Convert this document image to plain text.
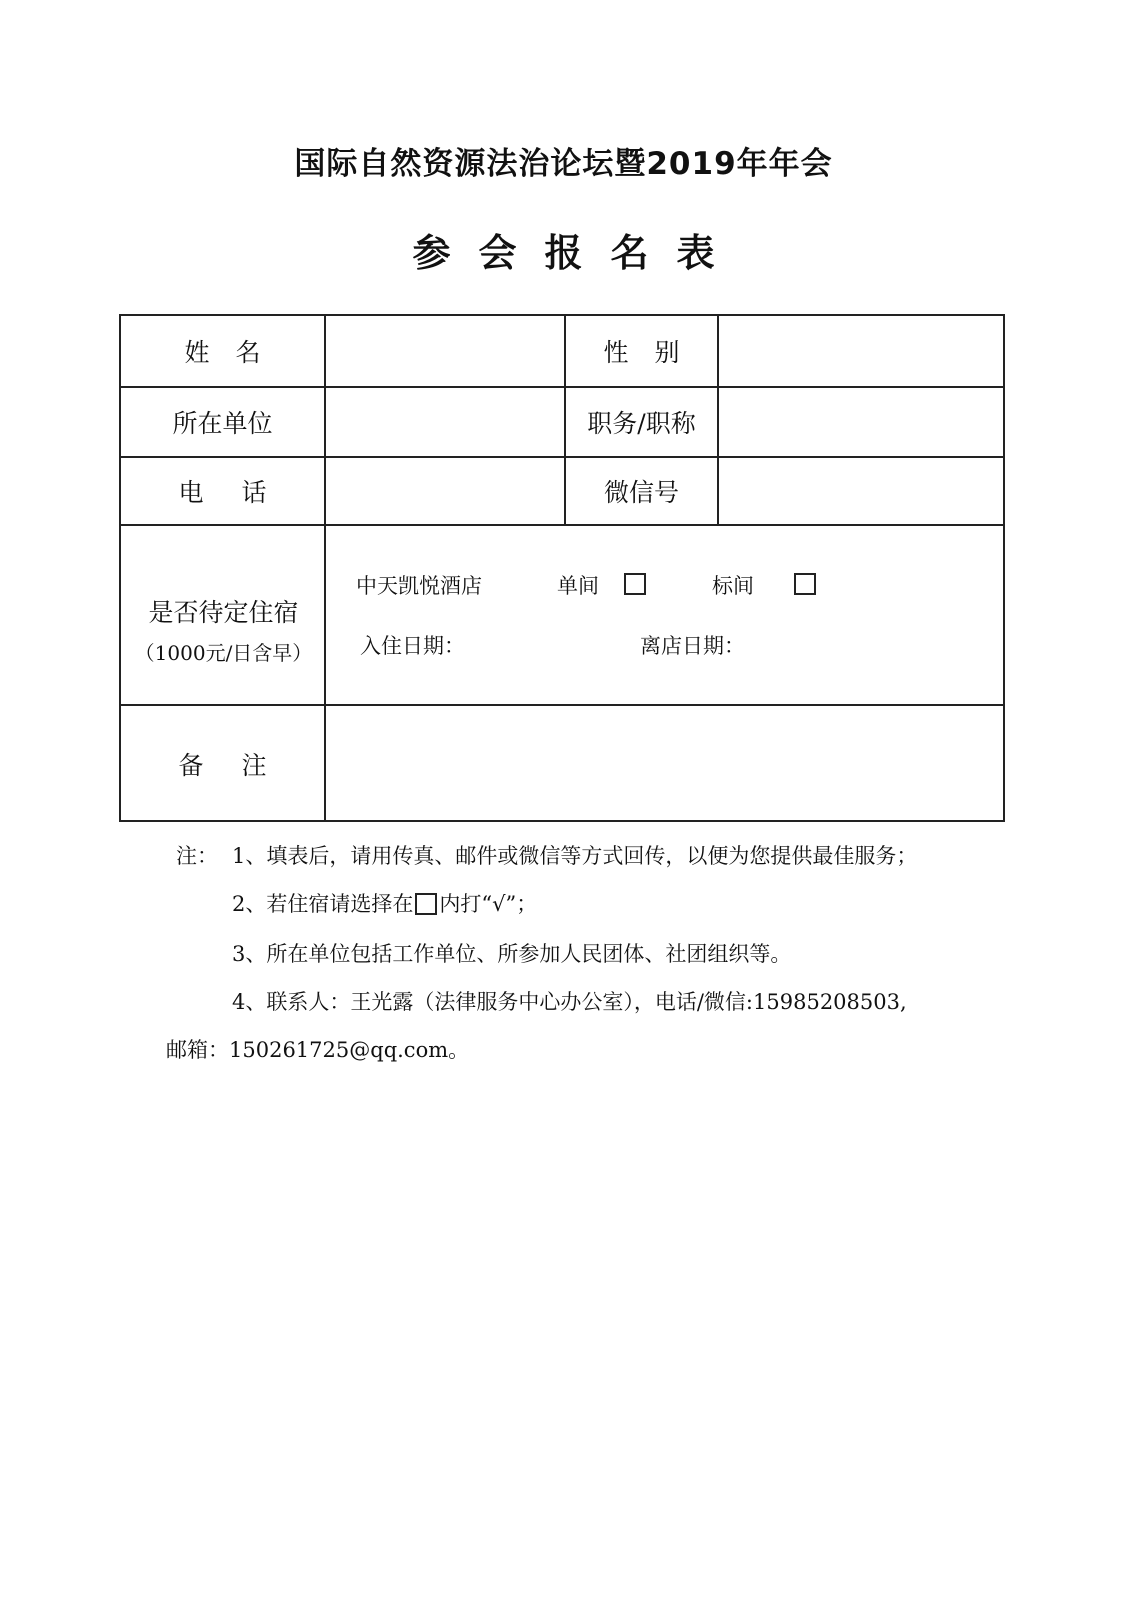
国际自然资源法治论坛暨2019年年会
参会报名表
姓名	性别
所在单位	职务/职称
电话	微信号
是否待定住宿
（1000元/日含早）
中天凯悦酒店	单间	标间
入住日期：	离店日期：
备注
注： 1、填表后，请用传真、邮件或微信等方式回传，以便为您提供最佳服务；
2、若住宿请选择在 内打“√”；
3、所在单位包括工作单位、所参加人民团体、社团组织等。
4、联系人：王光露（法律服务中心办公室），电话/微信:15985208503,
邮箱：150261725@qq.com。
